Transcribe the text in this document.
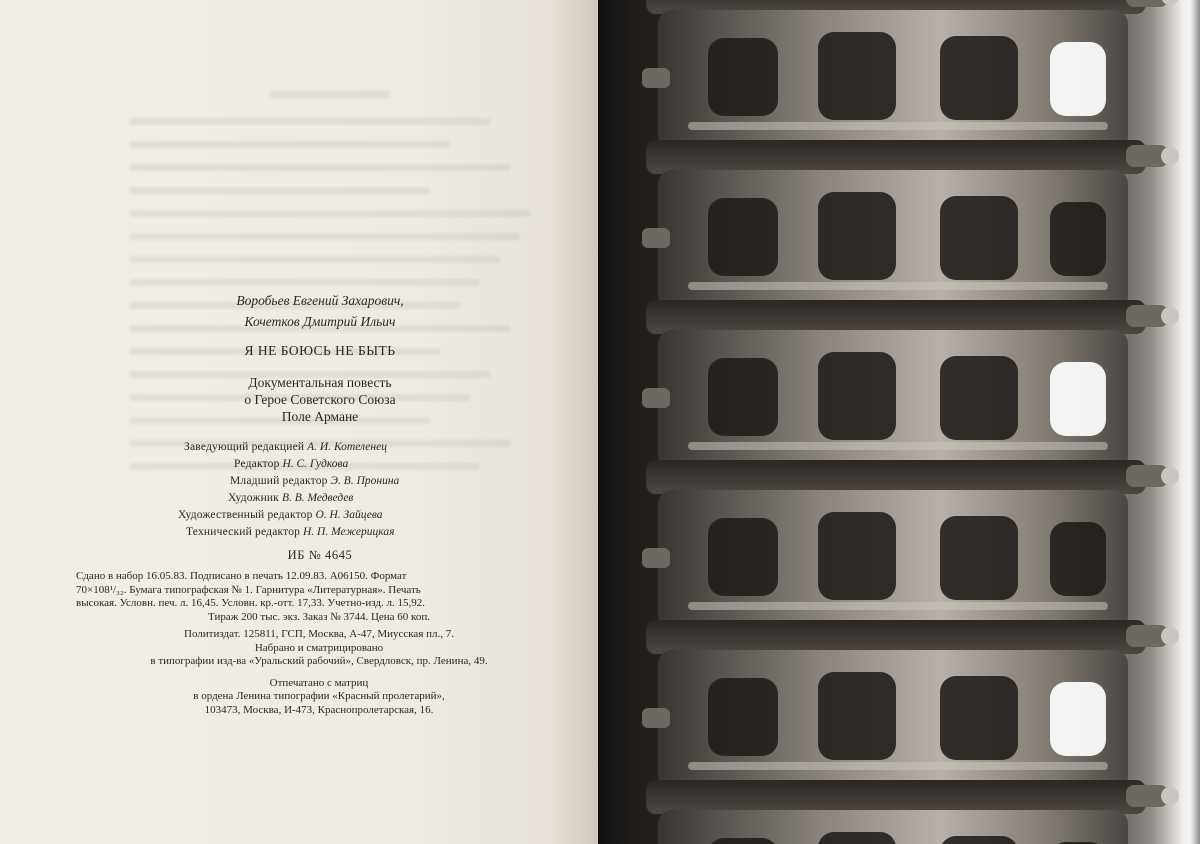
Воробьев Евгений Захарович,
Кочетков Дмитрий Ильич
Я НЕ БОЮСЬ НЕ БЫТЬ
Документальная повесть
о Герое Советского Союза
Поле Армане
Заведующий редакцией А. И. Котеленец
Редактор Н. С. Гудкова
Младший редактор Э. В. Пронина
Художник В. В. Медведев
Художественный редактор О. Н. Зайцева
Технический редактор Н. П. Межерицкая
ИБ № 4645
Сдано в набор 16.05.83. Подписано в печать 12.09.83. А06150. Формат
70×108¹/₃₂. Бумага типографская № 1. Гарнитура «Литературная». Печать
высокая. Условн. печ. л. 16,45. Условн. кр.-отт. 17,33. Учетно-изд. л. 15,92.
Тираж 200 тыс. экз. Заказ № 3744. Цена 60 коп.
Политиздат. 125811, ГСП, Москва, А-47, Миусская пл., 7.
Набрано и сматрицировано
в типографии изд-ва «Уральский рабочий», Свердловск, пр. Ленина, 49.
Отпечатано с матриц
в ордена Ленина типографии «Красный пролетарий»,
103473, Москва, И-473, Краснопролетарская, 16.
